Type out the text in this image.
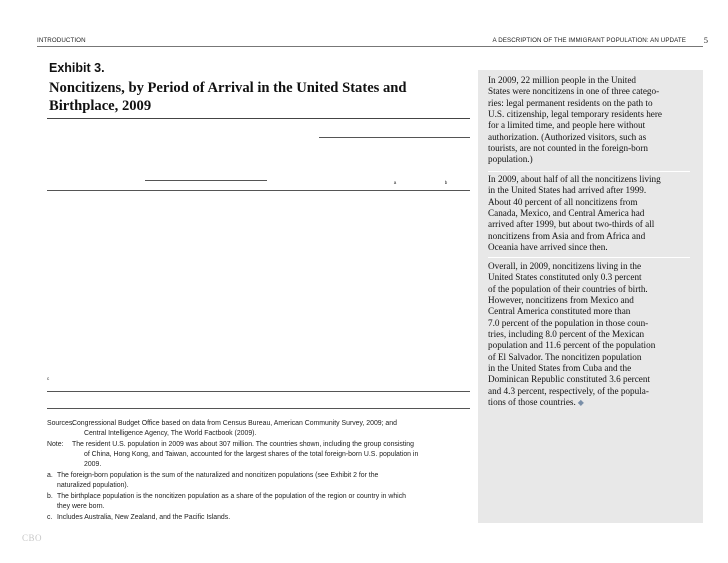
INTRODUCTION	A DESCRIPTION OF THE IMMIGRANT POPULATION: AN UPDATE 5
Exhibit 3.
Noncitizens, by Period of Arrival in the United States and Birthplace, 2009
$^a$	$^b$
$^c$

In 2009, 22 million people in the United

States were noncitizens in one of three catego-

ries: legal permanent residents on the path to

U.S. citizenship, legal temporary residents here

for a limited time, and people here without

authorization. (Authorized visitors, such as

tourists, are not counted in the foreign-born

population.)

In 2009, about half of all the noncitizens living

in the United States had arrived after 1999.

About 40 percent of all noncitizens from

Canada, Mexico, and Central America had

arrived after 1999, but about two-thirds of all

noncitizens from Asia and from Africa and

Oceania have arrived since then.

Overall, in 2009, noncitizens living in the

United States constituted only 0.3 percent

of the population of their countries of birth.

However, noncitizens from Mexico and

Central America constituted more than

7.0 percent of the population in those coun-

tries, including 8.0 percent of the Mexican

population and 11.6 percent of the population

of El Salvador. The noncitizen population

in the United States from Cuba and the

Dominican Republic constituted 3.6 percent

and 4.3 percent, respectively, of the popula-

tions of those countries. ◆

Sources:
Congressional Budget Office based on data from Census Bureau, American Community Survey, 2009; and
Central Intelligence Agency, The World Factbook (2009).
Note: The resident U.S. population in 2009 was about 307 million. The countries shown, including the group consisting
of China, Hong Kong, and Taiwan, accounted for the largest shares of the total foreign-born U.S. population in
2009.
a. The foreign-born population is the sum of the naturalized and noncitizen populations (see Exhibit 2 for the
naturalized population).
b. The birthplace population is the noncitizen population as a share of the population of the region or country in which
they were born.
c. Includes Australia, New Zealand, and the Pacific Islands.
CBO
